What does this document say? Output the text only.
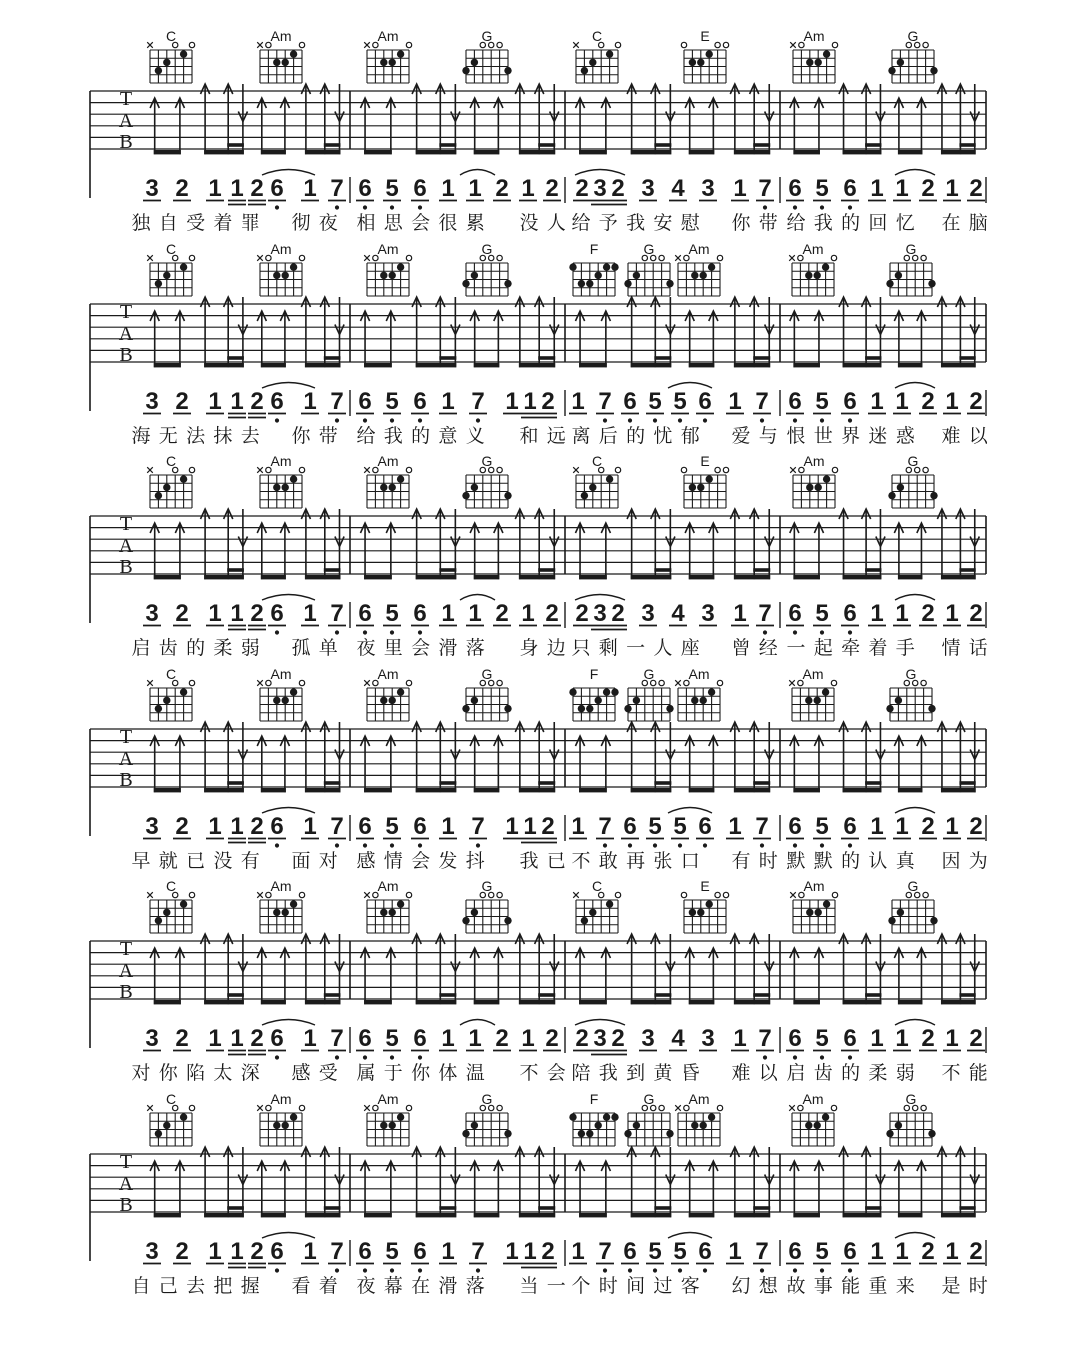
T
A
B
C	Am	Am	G	C	E	Am	G
3 2 1 1 2 6 1 7 6 5 6 1 1 2 1 2 2 3 2 3 4 3 1 7 6 5 6 1 1 2 1 2
独 自 受 着 罪 彻 夜 相 思 会 很 累 没 人 给 予 我 安 慰 你 带 给 我 的 回 忆 在 脑
T
A
B
C	Am	Am	G	F	G Am	Am	G
3 2 1 1 2 6 1 7 6 5 6 1 7 1 1 2 1 7 6 5 5 6 1 7 6 5 6 1 1 2 1 2
海 无 法 抹 去 你 带 给 我 的 意 义 和 远 离 后 的 忧 郁 爱 与 恨 世 界 迷 惑 难 以
T
A
B
C	Am	Am	G	C	E	Am	G
3 2 1 1 2 6 1 7 6 5 6 1 1 2 1 2 2 3 2 3 4 3 1 7 6 5 6 1 1 2 1 2
启 齿 的 柔 弱 孤 单 夜 里 会 滑 落 身 边 只 剩 一 人 座 曾 经 一 起 牵 着 手 情 话
T
A
B
C	Am	Am	G	F	G Am	Am	G
3 2 1 1 2 6 1 7 6 5 6 1 7 1 1 2 1 7 6 5 5 6 1 7 6 5 6 1 1 2 1 2
早 就 已 没 有 面 对 感 情 会 发 抖 我 已 不 敢 再 张 口 有 时 默 默 的 认 真 因 为
T
A
B
C	Am	Am	G	C	E	Am	G
3 2 1 1 2 6 1 7 6 5 6 1 1 2 1 2 2 3 2 3 4 3 1 7 6 5 6 1 1 2 1 2
对 你 陷 太 深 感 受 属 于 你 体 温 不 会 陪 我 到 黄 昏 难 以 启 齿 的 柔 弱 不 能
T
A
B
C	Am	Am	G	F	G Am	Am	G
3 2 1 1 2 6 1 7 6 5 6 1 7 1 1 2 1 7 6 5 5 6 1 7 6 5 6 1 1 2 1 2
自 己 去 把 握 看 着 夜 幕 在 滑 落 当 一 个 时 间 过 客 幻 想 故 事 能 重 来 是 时
